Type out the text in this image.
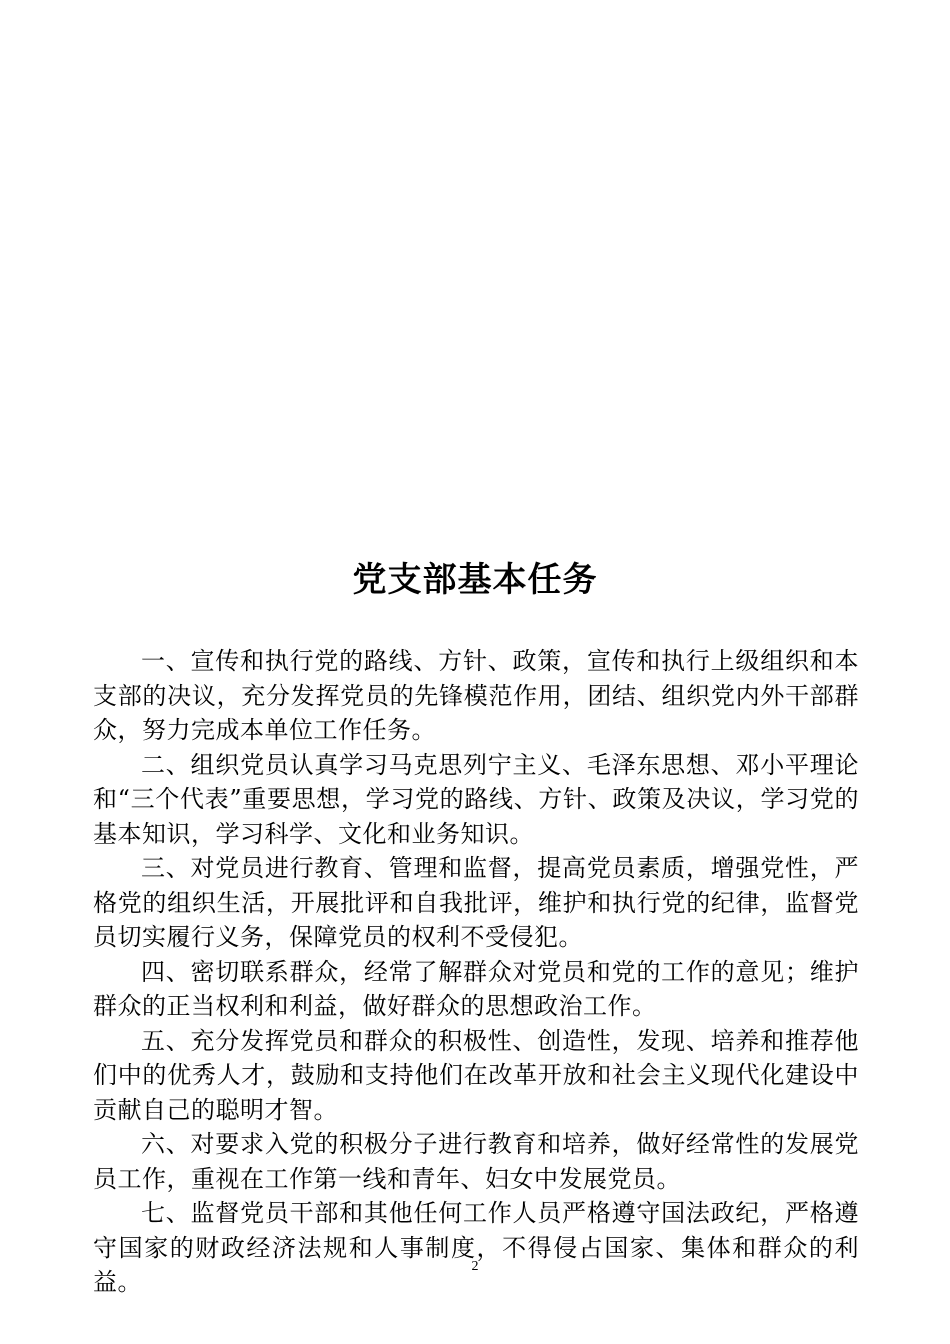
党支部基本任务

一、宣传和执行党的路线、方针、政策，宣传和执行上级组织和本支部的决议，充分发挥党员的先锋模范作用，团结、组织党内外干部群众，努力完成本单位工作任务。

二、组织党员认真学习马克思列宁主义、毛泽东思想、邓小平理论和“三个代表”重要思想，学习党的路线、方针、政策及决议，学习党的基本知识，学习科学、文化和业务知识。

三、对党员进行教育、管理和监督，提高党员素质，增强党性，严格党的组织生活，开展批评和自我批评，维护和执行党的纪律，监督党员切实履行义务，保障党员的权利不受侵犯。

四、密切联系群众，经常了解群众对党员和党的工作的意见；维护群众的正当权利和利益，做好群众的思想政治工作。

五、充分发挥党员和群众的积极性、创造性，发现、培养和推荐他们中的优秀人才，鼓励和支持他们在改革开放和社会主义现代化建设中贡献自己的聪明才智。

六、对要求入党的积极分子进行教育和培养，做好经常性的发展党员工作，重视在工作第一线和青年、妇女中发展党员。

七、监督党员干部和其他任何工作人员严格遵守国法政纪，严格遵守国家的财政经济法规和人事制度，不得侵占国家、集体和群众的利益。

2
